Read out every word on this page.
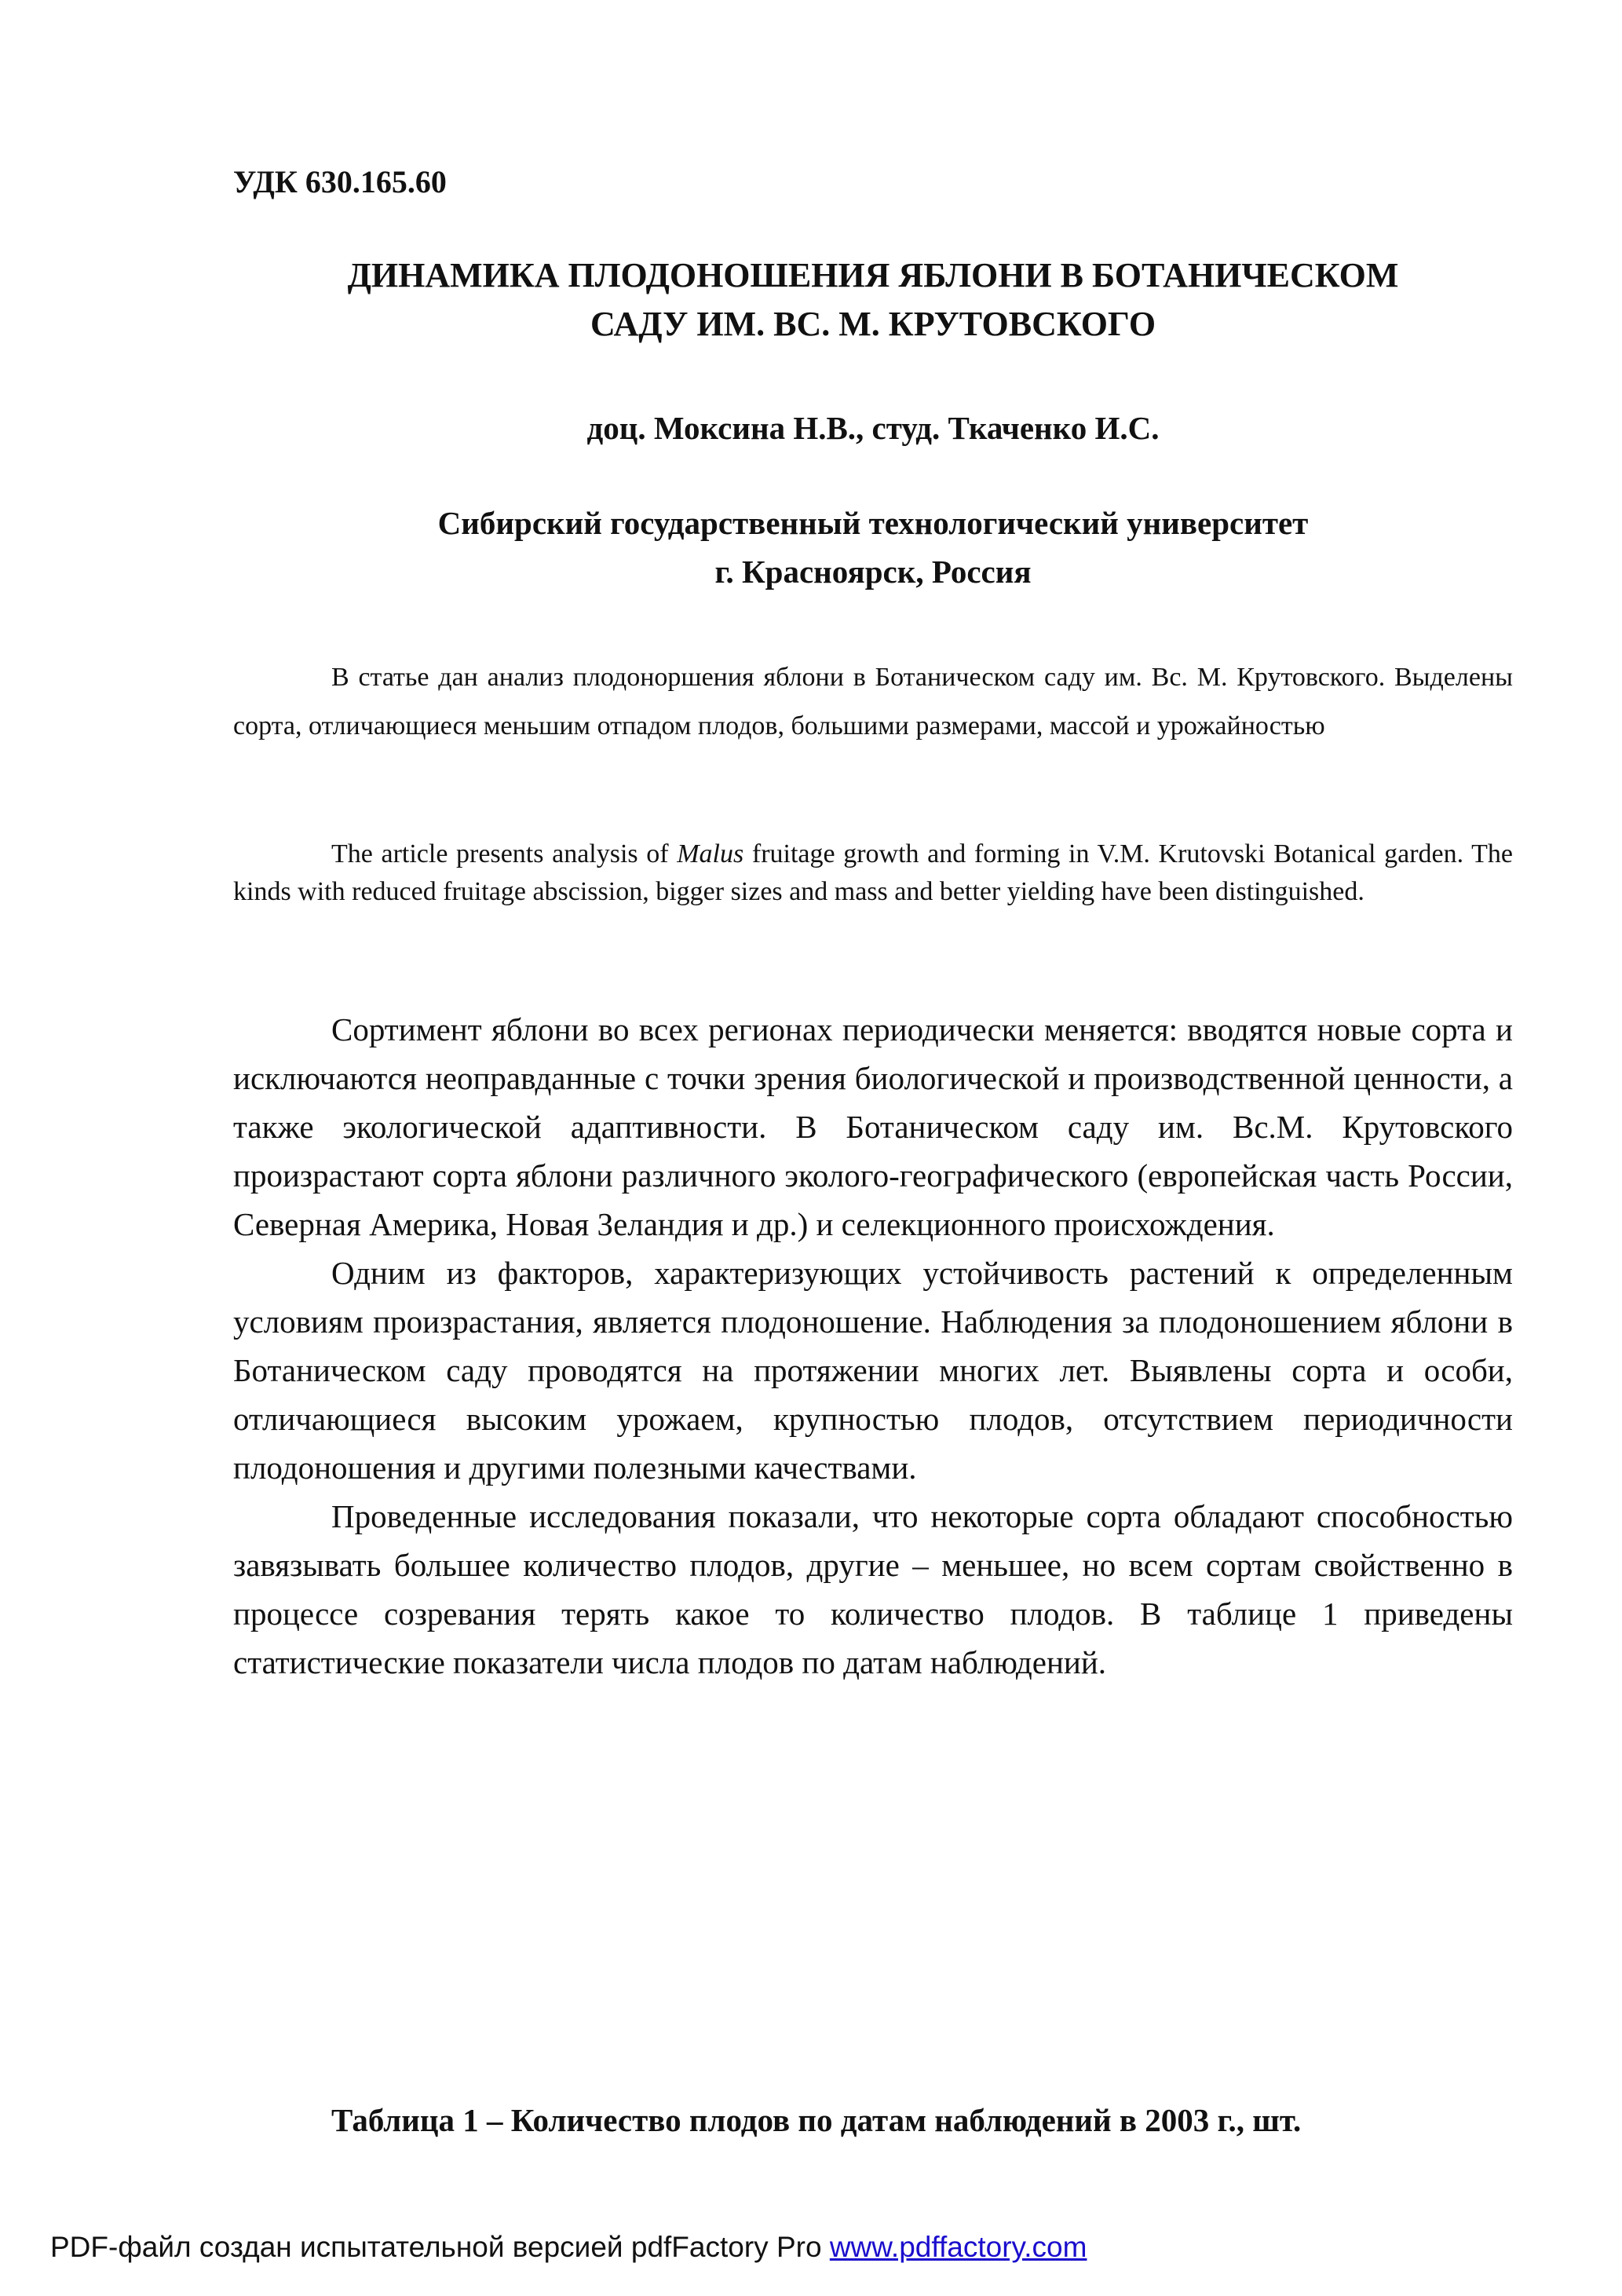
УДК 630.165.60
ДИНАМИКА ПЛОДОНОШЕНИЯ ЯБЛОНИ В БОТАНИЧЕСКОМ
САДУ ИМ. ВС. М. КРУТОВСКОГО
доц. Моксина Н.В., студ. Ткаченко И.С.
Сибирский государственный технологический университет
г. Красноярск, Россия

В статье дан анализ плодонoршения яблони в Ботаническом саду им. Вс. М. Крутовского. Выделены сорта, отличающиеся меньшим отпадом плодов, большими размерами, массой и урожайностью

The article presents analysis of Malus fruitage growth and forming in V.M. Krutovski Botanical garden. The kinds with reduced fruitage abscission, bigger sizes and mass and better yielding have been distinguished.

Сортимент яблони во всех регионах периодически меняется: вводятся новые сорта и исключаются неоправданные с точки зрения биологической и производственной ценности, а также экологической адаптивности. В Ботаническом саду им. Вс.М. Крутовского произрастают сорта яблони различного эколого-географического (европейская часть России, Северная Америка, Новая Зеландия и др.) и селекционного происхождения.

Одним из факторов, характеризующих устойчивость растений к определенным условиям произрастания, является плодоношение. Наблюдения за плодоношением яблони в Ботаническом саду проводятся на протяжении многих лет. Выявлены сорта и особи, отличающиеся высоким урожаем, крупностью плодов, отсутствием периодичности плодоношения и другими полезными качествами.

Проведенные исследования показали, что некоторые сорта обладают способностью завязывать большее количество плодов, другие – меньшее, но всем сортам свойственно в процессе созревания терять какое то количество плодов. В таблице 1 приведены статистические показатели числа плодов по датам наблюдений.

Таблица 1 – Количество плодов по датам наблюдений в 2003 г., шт.
PDF-файл создан испытательной версией pdfFactory Pro www.pdffactory.com
